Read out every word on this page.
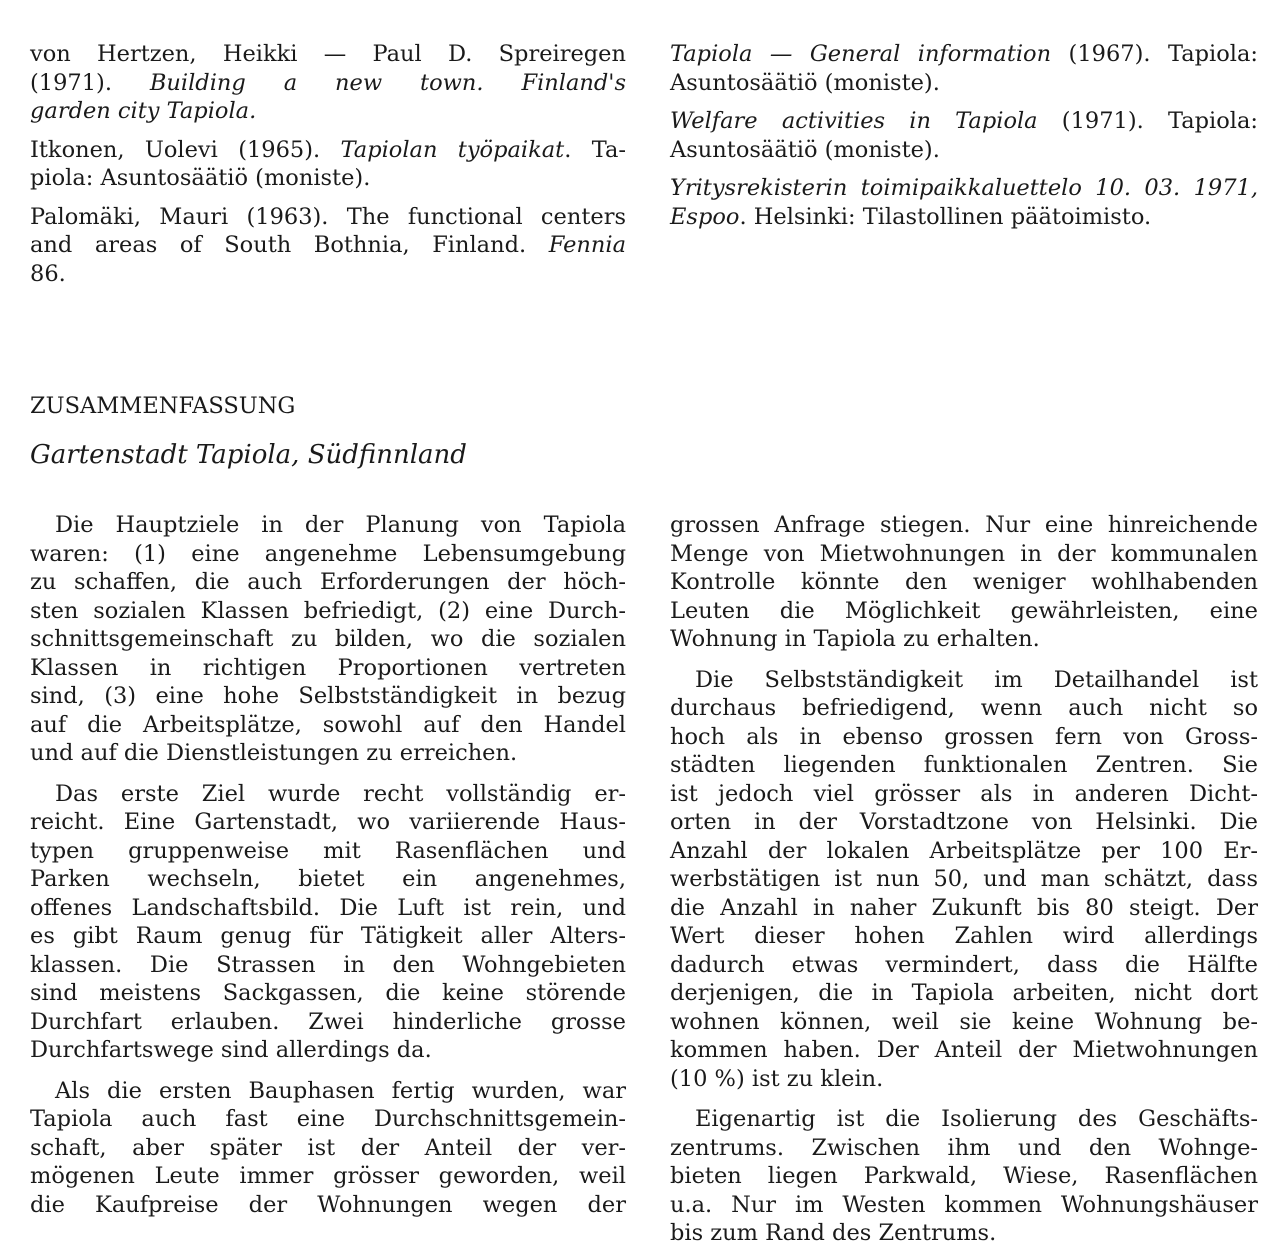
von Hertzen, Heikki — Paul D. Spreiregen
(1971). Building a new town. Finland's
garden city Tapiola.
Itkonen, Uolevi (1965). Tapiolan työpaikat. Ta-
piola: Asuntosäätiö (moniste).
Palomäki, Mauri (1963). The functional centers
and areas of South Bothnia, Finland. Fennia
86.
Tapiola — General information (1967). Tapiola:
Asuntosäätiö (moniste).
Welfare activities in Tapiola (1971). Tapiola:
Asuntosäätiö (moniste).
Yritysrekisterin toimipaikkaluettelo 10. 03. 1971,
Espoo. Helsinki: Tilastollinen päätoimisto.
ZUSAMMENFASSUNG
Gartenstadt Tapiola, Südfinnland
Die Hauptziele in der Planung von Tapiola
waren: (1) eine angenehme Lebensumgebung
zu schaffen, die auch Erforderungen der höch-
sten sozialen Klassen befriedigt, (2) eine Durch-
schnittsgemeinschaft zu bilden, wo die sozialen
Klassen in richtigen Proportionen vertreten
sind, (3) eine hohe Selbstständigkeit in bezug
auf die Arbeitsplätze, sowohl auf den Handel
und auf die Dienstleistungen zu erreichen.
Das erste Ziel wurde recht vollständig er-
reicht. Eine Gartenstadt, wo variierende Haus-
typen gruppenweise mit Rasenflächen und
Parken wechseln, bietet ein angenehmes,
offenes Landschaftsbild. Die Luft ist rein, und
es gibt Raum genug für Tätigkeit aller Alters-
klassen. Die Strassen in den Wohngebieten
sind meistens Sackgassen, die keine störende
Durchfart erlauben. Zwei hinderliche grosse
Durchfartswege sind allerdings da.
Als die ersten Bauphasen fertig wurden, war
Tapiola auch fast eine Durchschnittsgemein-
schaft, aber später ist der Anteil der ver-
mögenen Leute immer grösser geworden, weil
die Kaufpreise der Wohnungen wegen der
grossen Anfrage stiegen. Nur eine hinreichende
Menge von Mietwohnungen in der kommunalen
Kontrolle könnte den weniger wohlhabenden
Leuten die Möglichkeit gewährleisten, eine
Wohnung in Tapiola zu erhalten.
Die Selbstständigkeit im Detailhandel ist
durchaus befriedigend, wenn auch nicht so
hoch als in ebenso grossen fern von Gross-
städten liegenden funktionalen Zentren. Sie
ist jedoch viel grösser als in anderen Dicht-
orten in der Vorstadtzone von Helsinki. Die
Anzahl der lokalen Arbeitsplätze per 100 Er-
werbstätigen ist nun 50, und man schätzt, dass
die Anzahl in naher Zukunft bis 80 steigt. Der
Wert dieser hohen Zahlen wird allerdings
dadurch etwas vermindert, dass die Hälfte
derjenigen, die in Tapiola arbeiten, nicht dort
wohnen können, weil sie keine Wohnung be-
kommen haben. Der Anteil der Mietwohnungen
(10 %) ist zu klein.
Eigenartig ist die Isolierung des Geschäfts-
zentrums. Zwischen ihm und den Wohnge-
bieten liegen Parkwald, Wiese, Rasenflächen
u.a. Nur im Westen kommen Wohnungshäuser
bis zum Rand des Zentrums.
